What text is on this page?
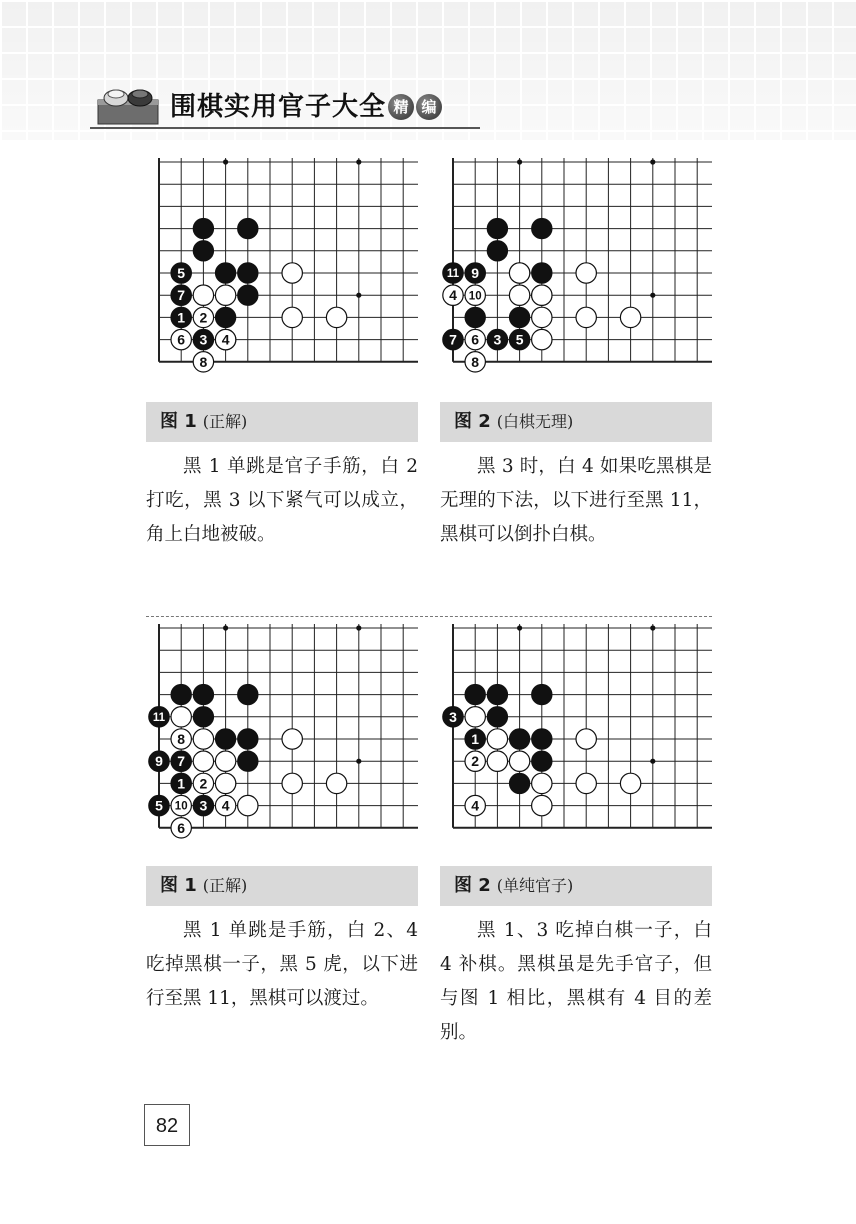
围棋实用官子大全 精 编
5
7
1 2
6 3 4
8
图 1 (正解)
黑 1 单跳是官子手筋，白 2 打吃，黑 3 以下紧气可以成立，角上白地被破。
11 9
4 10
7 6 3 5
8
图 2 (白棋无理)
黑 3 时，白 4 如果吃黑棋是无理的下法，以下进行至黑 11，黑棋可以倒扑白棋。
11
8
9 7
1 2
5 10 3 4
6
图 1 (正解)
黑 1 单跳是手筋，白 2、4 吃掉黑棋一子，黑 5 虎，以下进行至黑 11，黑棋可以渡过。
3
1
2
4
图 2 (单纯官子)
黑 1、3 吃掉白棋一子，白 4 补棋。黑棋虽是先手官子，但与图 1 相比，黑棋有 4 目的差别。
82
